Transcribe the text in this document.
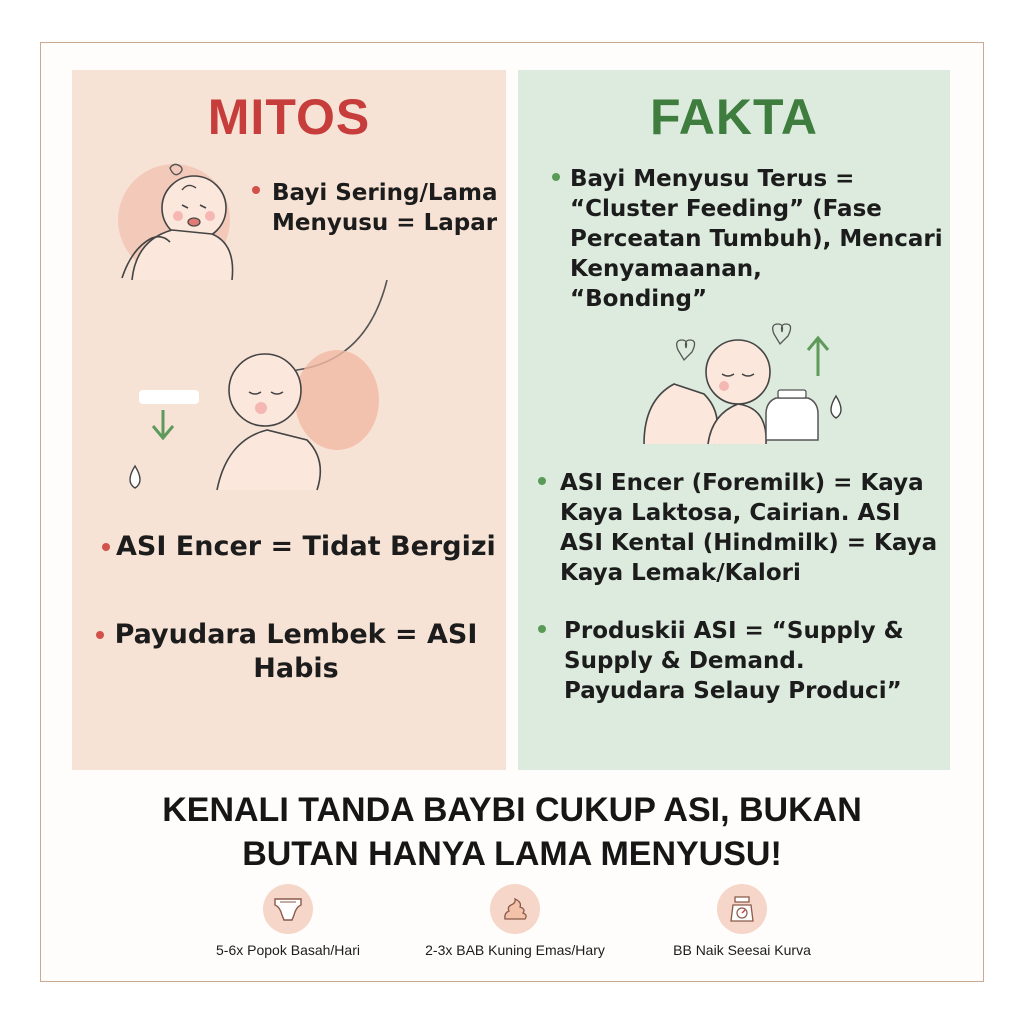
MITOS
Bayi Sering/Lama
Menyusu = Lapar
ASI Encer = Tidat Bergizi
Payudara Lembek = ASI
Habis
FAKTA
Bayi Menyusu Terus =
“Cluster Feeding” (Fase
Perceatan Tumbuh), Mencari
Kenyamaanan,
“Bonding”
ASI Encer (Foremilk) = Kaya
Kaya Laktosa, Cairian. ASI
ASI Kental (Hindmilk) = Kaya
Kaya Lemak/Kalori
Produskii ASI = “Supply &
Supply & Demand.
Payudara Selauy Producі”

KENALI TANDA BAYBI CUKUP ASI, BUKAN
BUTAN HANYA LAMA MENYUSU!

5-6x Popok Basah/Hari	2-3x BAB Kuning Emas/Hary	BB Naik Seesai Kurva
